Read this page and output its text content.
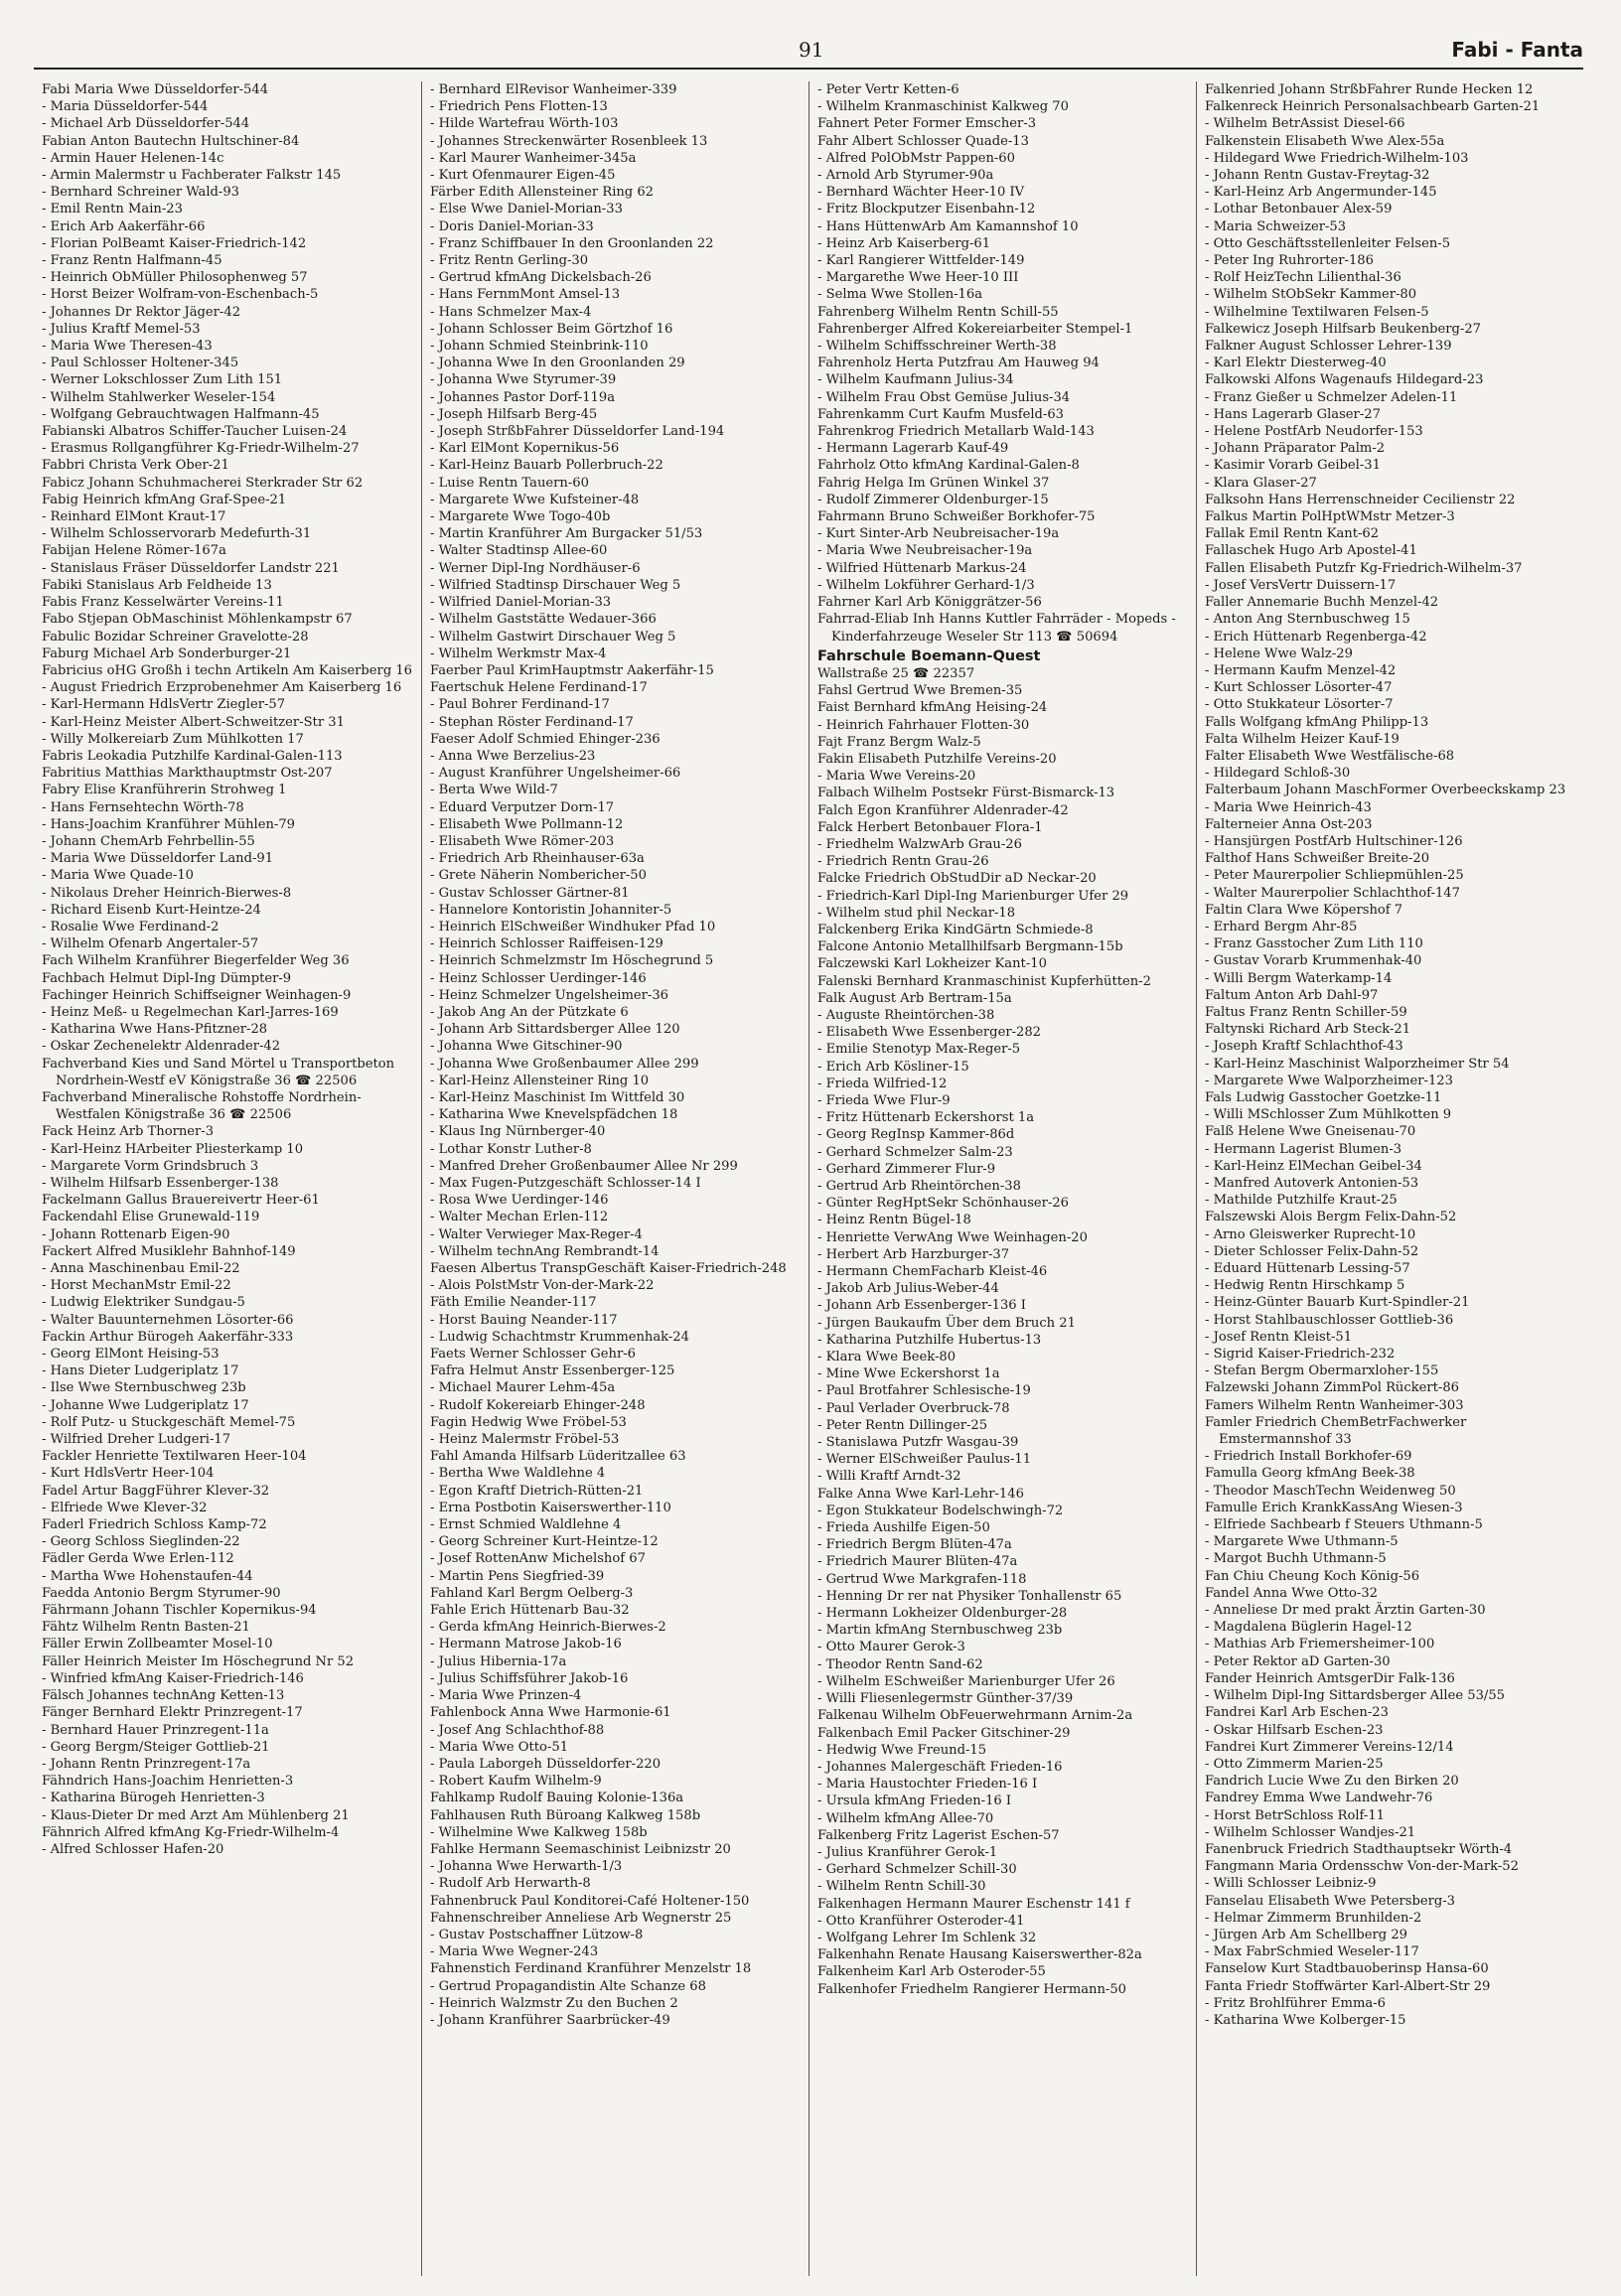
91	Fabi - Fanta
Fabi Maria Wwe Düsseldorfer-544
- Maria Düsseldorfer-544
- Michael Arb Düsseldorfer-544
Fabian Anton Bautechn Hultschiner-84
- Armin Hauer Helenen-14c
- Armin Malermstr u Fachberater Falkstr 145
- Bernhard Schreiner Wald-93
- Emil Rentn Main-23
- Erich Arb Aakerfähr-66
- Florian PolBeamt Kaiser-Friedrich-142
- Franz Rentn Halfmann-45
- Heinrich ObMüller Philosophenweg 57
- Horst Beizer Wolfram-von-Eschenbach-5
- Johannes Dr Rektor Jäger-42
- Julius Kraftf Memel-53
- Maria Wwe Theresen-43
- Paul Schlosser Holtener-345
- Werner Lokschlosser Zum Lith 151
- Wilhelm Stahlwerker Weseler-154
- Wolfgang Gebrauchtwagen Halfmann-45
Fabianski Albatros Schiffer-Taucher Luisen-24
- Erasmus Rollgangführer Kg-Friedr-Wilhelm-27
Fabbri Christa Verk Ober-21
Fabicz Johann Schuhmacherei Sterkrader Str 62
Fabig Heinrich kfmAng Graf-Spee-21
- Reinhard ElMont Kraut-17
- Wilhelm Schlosservorarb Medefurth-31
Fabijan Helene Römer-167a
- Stanislaus Fräser Düsseldorfer Landstr 221
Fabiki Stanislaus Arb Feldheide 13
Fabis Franz Kesselwärter Vereins-11
Fabo Stjepan ObMaschinist Möhlenkampstr 67
Fabulic Bozidar Schreiner Gravelotte-28
Faburg Michael Arb Sonderburger-21
Fabricius oHG Großh i techn Artikeln Am Kaiserberg 16
- August Friedrich Erzprobenehmer Am Kaiserberg 16
- Karl-Hermann HdlsVertr Ziegler-57
- Karl-Heinz Meister Albert-Schweitzer-Str 31
- Willy Molkereiarb Zum Mühlkotten 17
Fabris Leokadia Putzhilfe Kardinal-Galen-113
Fabritius Matthias Markthauptmstr Ost-207
Fabry Elise Kranführerin Strohweg 1
- Hans Fernsehtechn Wörth-78
- Hans-Joachim Kranführer Mühlen-79
- Johann ChemArb Fehrbellin-55
- Maria Wwe Düsseldorfer Land-91
- Maria Wwe Quade-10
- Nikolaus Dreher Heinrich-Bierwes-8
- Richard Eisenb Kurt-Heintze-24
- Rosalie Wwe Ferdinand-2
- Wilhelm Ofenarb Angertaler-57
Fach Wilhelm Kranführer Biegerfelder Weg 36
Fachbach Helmut Dipl-Ing Dümpter-9
Fachinger Heinrich Schiffseigner Weinhagen-9
- Heinz Meß- u Regelmechan Karl-Jarres-169
- Katharina Wwe Hans-Pfitzner-28
- Oskar Zechenelektr Aldenrader-42
Fachverband Kies und Sand Mörtel u Transportbeton Nordrhein-Westf eV Königstraße 36 ☎ 22506
Fachverband Mineralische Rohstoffe Nordrhein-Westfalen Königstraße 36 ☎ 22506
Fack Heinz Arb Thorner-3
- Karl-Heinz HArbeiter Pliesterkamp 10
- Margarete Vorm Grindsbruch 3
- Wilhelm Hilfsarb Essenberger-138
Fackelmann Gallus Brauereivertr Heer-61
Fackendahl Elise Grunewald-119
- Johann Rottenarb Eigen-90
Fackert Alfred Musiklehr Bahnhof-149
- Anna Maschinenbau Emil-22
- Horst MechanMstr Emil-22
- Ludwig Elektriker Sundgau-5
- Walter Bauunternehmen Lösorter-66
Fackin Arthur Bürogeh Aakerfähr-333
- Georg ElMont Heising-53
- Hans Dieter Ludgeriplatz 17
- Ilse Wwe Sternbuschweg 23b
- Johanne Wwe Ludgeriplatz 17
- Rolf Putz- u Stuckgeschäft Memel-75
- Wilfried Dreher Ludgeri-17
Fackler Henriette Textilwaren Heer-104
- Kurt HdlsVertr Heer-104
Fadel Artur BaggFührer Klever-32
- Elfriede Wwe Klever-32
Faderl Friedrich Schloss Kamp-72
- Georg Schloss Sieglinden-22
Fädler Gerda Wwe Erlen-112
- Martha Wwe Hohenstaufen-44
Faedda Antonio Bergm Styrumer-90
Fährmann Johann Tischler Kopernikus-94
Fähtz Wilhelm Rentn Basten-21
Fäller Erwin Zollbeamter Mosel-10
Fäller Heinrich Meister Im Höschegrund Nr 52
- Winfried kfmAng Kaiser-Friedrich-146
Fälsch Johannes technAng Ketten-13
Fänger Bernhard Elektr Prinzregent-17
- Bernhard Hauer Prinzregent-11a
- Georg Bergm/Steiger Gottlieb-21
- Johann Rentn Prinzregent-17a
Fähndrich Hans-Joachim Henrietten-3
- Katharina Bürogeh Henrietten-3
- Klaus-Dieter Dr med Arzt Am Mühlenberg 21
Fähnrich Alfred kfmAng Kg-Friedr-Wilhelm-4
- Alfred Schlosser Hafen-20
- Bernhard ElRevisor Wanheimer-339
- Friedrich Pens Flotten-13
- Hilde Wartefrau Wörth-103
- Johannes Streckenwärter Rosenbleek 13
- Karl Maurer Wanheimer-345a
- Kurt Ofenmaurer Eigen-45
Färber Edith Allensteiner Ring 62
- Else Wwe Daniel-Morian-33
- Doris Daniel-Morian-33
- Franz Schiffbauer In den Groonlanden 22
- Fritz Rentn Gerling-30
- Gertrud kfmAng Dickelsbach-26
- Hans FernmMont Amsel-13
- Hans Schmelzer Max-4
- Johann Schlosser Beim Görtzhof 16
- Johann Schmied Steinbrink-110
- Johanna Wwe In den Groonlanden 29
- Johanna Wwe Styrumer-39
- Johannes Pastor Dorf-119a
- Joseph Hilfsarb Berg-45
- Joseph StrßbFahrer Düsseldorfer Land-194
- Karl ElMont Kopernikus-56
- Karl-Heinz Bauarb Pollerbruch-22
- Luise Rentn Tauern-60
- Margarete Wwe Kufsteiner-48
- Margarete Wwe Togo-40b
- Martin Kranführer Am Burgacker 51/53
- Walter Stadtinsp Allee-60
- Werner Dipl-Ing Nordhäuser-6
- Wilfried Stadtinsp Dirschauer Weg 5
- Wilfried Daniel-Morian-33
- Wilhelm Gaststätte Wedauer-366
- Wilhelm Gastwirt Dirschauer Weg 5
- Wilhelm Werkmstr Max-4
Faerber Paul KrimHauptmstr Aakerfähr-15
Faertschuk Helene Ferdinand-17
- Paul Bohrer Ferdinand-17
- Stephan Röster Ferdinand-17
Faeser Adolf Schmied Ehinger-236
- Anna Wwe Berzelius-23
- August Kranführer Ungelsheimer-66
- Berta Wwe Wild-7
- Eduard Verputzer Dorn-17
- Elisabeth Wwe Pollmann-12
- Elisabeth Wwe Römer-203
- Friedrich Arb Rheinhauser-63a
- Grete Näherin Nombericher-50
- Gustav Schlosser Gärtner-81
- Hannelore Kontoristin Johanniter-5
- Heinrich ElSchweißer Windhuker Pfad 10
- Heinrich Schlosser Raiffeisen-129
- Heinrich Schmelzmstr Im Höschegrund 5
- Heinz Schlosser Uerdinger-146
- Heinz Schmelzer Ungelsheimer-36
- Jakob Ang An der Pützkate 6
- Johann Arb Sittardsberger Allee 120
- Johanna Wwe Gitschiner-90
- Johanna Wwe Großenbaumer Allee 299
- Karl-Heinz Allensteiner Ring 10
- Karl-Heinz Maschinist Im Wittfeld 30
- Katharina Wwe Knevelspfädchen 18
- Klaus Ing Nürnberger-40
- Lothar Konstr Luther-8
- Manfred Dreher Großenbaumer Allee Nr 299
- Max Fugen-Putzgeschäft Schlosser-14 I
- Rosa Wwe Uerdinger-146
- Walter Mechan Erlen-112
- Walter Verwieger Max-Reger-4
- Wilhelm technAng Rembrandt-14
Faesen Albertus TranspGeschäft Kaiser-Friedrich-248
- Alois PolstMstr Von-der-Mark-22
Fäth Emilie Neander-117
- Horst Bauing Neander-117
- Ludwig Schachtmstr Krummenhak-24
Faets Werner Schlosser Gehr-6
Fafra Helmut Anstr Essenberger-125
- Michael Maurer Lehm-45a
- Rudolf Kokereiarb Ehinger-248
Fagin Hedwig Wwe Fröbel-53
- Heinz Malermstr Fröbel-53
Fahl Amanda Hilfsarb Lüderitzallee 63
- Bertha Wwe Waldlehne 4
- Egon Kraftf Dietrich-Rütten-21
- Erna Postbotin Kaiserswerther-110
- Ernst Schmied Waldlehne 4
- Georg Schreiner Kurt-Heintze-12
- Josef RottenAnw Michelshof 67
- Martin Pens Siegfried-39
Fahland Karl Bergm Oelberg-3
Fahle Erich Hüttenarb Bau-32
- Gerda kfmAng Heinrich-Bierwes-2
- Hermann Matrose Jakob-16
- Julius Hibernia-17a
- Julius Schiffsführer Jakob-16
- Maria Wwe Prinzen-4
Fahlenbock Anna Wwe Harmonie-61
- Josef Ang Schlachthof-88
- Maria Wwe Otto-51
- Paula Laborgeh Düsseldorfer-220
- Robert Kaufm Wilhelm-9
Fahlkamp Rudolf Bauing Kolonie-136a
Fahlhausen Ruth Büroang Kalkweg 158b
- Wilhelmine Wwe Kalkweg 158b
Fahlke Hermann Seemaschinist Leibnizstr 20
- Johanna Wwe Herwarth-1/3
- Rudolf Arb Herwarth-8
Fahnenbruck Paul Konditorei-Café Holtener-150
Fahnenschreiber Anneliese Arb Wegnerstr 25
- Gustav Postschaffner Lützow-8
- Maria Wwe Wegner-243
Fahnenstich Ferdinand Kranführer Menzelstr 18
- Gertrud Propagandistin Alte Schanze 68
- Heinrich Walzmstr Zu den Buchen 2
- Johann Kranführer Saarbrücker-49
- Peter Vertr Ketten-6
- Wilhelm Kranmaschinist Kalkweg 70
Fahnert Peter Former Emscher-3
Fahr Albert Schlosser Quade-13
- Alfred PolObMstr Pappen-60
- Arnold Arb Styrumer-90a
- Bernhard Wächter Heer-10 IV
- Fritz Blockputzer Eisenbahn-12
- Hans HüttenwArb Am Kamannshof 10
- Heinz Arb Kaiserberg-61
- Karl Rangierer Wittfelder-149
- Margarethe Wwe Heer-10 III
- Selma Wwe Stollen-16a
Fahrenberg Wilhelm Rentn Schill-55
Fahrenberger Alfred Kokereiarbeiter Stempel-1
- Wilhelm Schiffsschreiner Werth-38
Fahrenholz Herta Putzfrau Am Hauweg 94
- Wilhelm Kaufmann Julius-34
- Wilhelm Frau Obst Gemüse Julius-34
Fahrenkamm Curt Kaufm Musfeld-63
Fahrenkrog Friedrich Metallarb Wald-143
- Hermann Lagerarb Kauf-49
Fahrholz Otto kfmAng Kardinal-Galen-8
Fahrig Helga Im Grünen Winkel 37
- Rudolf Zimmerer Oldenburger-15
Fahrmann Bruno Schweißer Borkhofer-75
- Kurt Sinter-Arb Neubreisacher-19a
- Maria Wwe Neubreisacher-19a
- Wilfried Hüttenarb Markus-24
- Wilhelm Lokführer Gerhard-1/3
Fahrner Karl Arb Königgrätzer-56
Fahrrad-Eliab Inh Hanns Kuttler Fahrräder - Mopeds - Kinderfahrzeuge Weseler Str 113 ☎ 50694
Fahrschule Boemann-Quest
Wallstraße 25 ☎ 22357
Fahsl Gertrud Wwe Bremen-35
Faist Bernhard kfmAng Heising-24
- Heinrich Fahrhauer Flotten-30
Fajt Franz Bergm Walz-5
Fakin Elisabeth Putzhilfe Vereins-20
- Maria Wwe Vereins-20
Falbach Wilhelm Postsekr Fürst-Bismarck-13
Falch Egon Kranführer Aldenrader-42
Falck Herbert Betonbauer Flora-1
- Friedhelm WalzwArb Grau-26
- Friedrich Rentn Grau-26
Falcke Friedrich ObStudDir aD Neckar-20
- Friedrich-Karl Dipl-Ing Marienburger Ufer 29
- Wilhelm stud phil Neckar-18
Falckenberg Erika KindGärtn Schmiede-8
Falcone Antonio Metallhilfsarb Bergmann-15b
Falczewski Karl Lokheizer Kant-10
Falenski Bernhard Kranmaschinist Kupferhütten-2
Falk August Arb Bertram-15a
- Auguste Rheintörchen-38
- Elisabeth Wwe Essenberger-282
- Emilie Stenotyp Max-Reger-5
- Erich Arb Kösliner-15
- Frieda Wilfried-12
- Frieda Wwe Flur-9
- Fritz Hüttenarb Eckershorst 1a
- Georg RegInsp Kammer-86d
- Gerhard Schmelzer Salm-23
- Gerhard Zimmerer Flur-9
- Gertrud Arb Rheintörchen-38
- Günter RegHptSekr Schönhauser-26
- Heinz Rentn Bügel-18
- Henriette VerwAng Wwe Weinhagen-20
- Herbert Arb Harzburger-37
- Hermann ChemFacharb Kleist-46
- Jakob Arb Julius-Weber-44
- Johann Arb Essenberger-136 I
- Jürgen Baukaufm Über dem Bruch 21
- Katharina Putzhilfe Hubertus-13
- Klara Wwe Beek-80
- Mine Wwe Eckershorst 1a
- Paul Brotfahrer Schlesische-19
- Paul Verlader Overbruck-78
- Peter Rentn Dillinger-25
- Stanislawa Putzfr Wasgau-39
- Werner ElSchweißer Paulus-11
- Willi Kraftf Arndt-32
Falke Anna Wwe Karl-Lehr-146
- Egon Stukkateur Bodelschwingh-72
- Frieda Aushilfe Eigen-50
- Friedrich Bergm Blüten-47a
- Friedrich Maurer Blüten-47a
- Gertrud Wwe Markgrafen-118
- Henning Dr rer nat Physiker Tonhallenstr 65
- Hermann Lokheizer Oldenburger-28
- Martin kfmAng Sternbuschweg 23b
- Otto Maurer Gerok-3
- Theodor Rentn Sand-62
- Wilhelm ESchweißer Marienburger Ufer 26
- Willi Fliesenlegermstr Günther-37/39
Falkenau Wilhelm ObFeuerwehrmann Arnim-2a
Falkenbach Emil Packer Gitschiner-29
- Hedwig Wwe Freund-15
- Johannes Malergeschäft Frieden-16
- Maria Haustochter Frieden-16 I
- Ursula kfmAng Frieden-16 I
- Wilhelm kfmAng Allee-70
Falkenberg Fritz Lagerist Eschen-57
- Julius Kranführer Gerok-1
- Gerhard Schmelzer Schill-30
- Wilhelm Rentn Schill-30
Falkenhagen Hermann Maurer Eschenstr 141 f
- Otto Kranführer Osteroder-41
- Wolfgang Lehrer Im Schlenk 32
Falkenhahn Renate Hausang Kaiserswerther-82a
Falkenheim Karl Arb Osteroder-55
Falkenhofer Friedhelm Rangierer Hermann-50
Falkenried Johann StrßbFahrer Runde Hecken 12
Falkenreck Heinrich Personalsachbearb Garten-21
- Wilhelm BetrAssist Diesel-66
Falkenstein Elisabeth Wwe Alex-55a
- Hildegard Wwe Friedrich-Wilhelm-103
- Johann Rentn Gustav-Freytag-32
- Karl-Heinz Arb Angermunder-145
- Lothar Betonbauer Alex-59
- Maria Schweizer-53
- Otto Geschäftsstellenleiter Felsen-5
- Peter Ing Ruhrorter-186
- Rolf HeizTechn Lilienthal-36
- Wilhelm StObSekr Kammer-80
- Wilhelmine Textilwaren Felsen-5
Falkewicz Joseph Hilfsarb Beukenberg-27
Falkner August Schlosser Lehrer-139
- Karl Elektr Diesterweg-40
Falkowski Alfons Wagenaufs Hildegard-23
- Franz Gießer u Schmelzer Adelen-11
- Hans Lagerarb Glaser-27
- Helene PostfArb Neudorfer-153
- Johann Präparator Palm-2
- Kasimir Vorarb Geibel-31
- Klara Glaser-27
Falksohn Hans Herrenschneider Cecilienstr 22
Falkus Martin PolHptWMstr Metzer-3
Fallak Emil Rentn Kant-62
Fallaschek Hugo Arb Apostel-41
Fallen Elisabeth Putzfr Kg-Friedrich-Wilhelm-37
- Josef VersVertr Duissern-17
Faller Annemarie Buchh Menzel-42
- Anton Ang Sternbuschweg 15
- Erich Hüttenarb Regenberga-42
- Helene Wwe Walz-29
- Hermann Kaufm Menzel-42
- Kurt Schlosser Lösorter-47
- Otto Stukkateur Lösorter-7
Falls Wolfgang kfmAng Philipp-13
Falta Wilhelm Heizer Kauf-19
Falter Elisabeth Wwe Westfälische-68
- Hildegard Schloß-30
Falterbaum Johann MaschFormer Overbeeckskamp 23
- Maria Wwe Heinrich-43
Falterneier Anna Ost-203
- Hansjürgen PostfArb Hultschiner-126
Falthof Hans Schweißer Breite-20
- Peter Maurerpolier Schliepmühlen-25
- Walter Maurerpolier Schlachthof-147
Faltin Clara Wwe Köpershof 7
- Erhard Bergm Ahr-85
- Franz Gasstocher Zum Lith 110
- Gustav Vorarb Krummenhak-40
- Willi Bergm Waterkamp-14
Faltum Anton Arb Dahl-97
Faltus Franz Rentn Schiller-59
Faltynski Richard Arb Steck-21
- Joseph Kraftf Schlachthof-43
- Karl-Heinz Maschinist Walporzheimer Str 54
- Margarete Wwe Walporzheimer-123
Fals Ludwig Gasstocher Goetzke-11
- Willi MSchlosser Zum Mühlkotten 9
Falß Helene Wwe Gneisenau-70
- Hermann Lagerist Blumen-3
- Karl-Heinz ElMechan Geibel-34
- Manfred Autoverk Antonien-53
- Mathilde Putzhilfe Kraut-25
Falszewski Alois Bergm Felix-Dahn-52
- Arno Gleiswerker Ruprecht-10
- Dieter Schlosser Felix-Dahn-52
- Eduard Hüttenarb Lessing-57
- Hedwig Rentn Hirschkamp 5
- Heinz-Günter Bauarb Kurt-Spindler-21
- Horst Stahlbauschlosser Gottlieb-36
- Josef Rentn Kleist-51
- Sigrid Kaiser-Friedrich-232
- Stefan Bergm Obermarxloher-155
Falzewski Johann ZimmPol Rückert-86
Famers Wilhelm Rentn Wanheimer-303
Famler Friedrich ChemBetrFachwerker Emstermannshof 33
- Friedrich Install Borkhofer-69
Famulla Georg kfmAng Beek-38
- Theodor MaschTechn Weidenweg 50
Famulle Erich KrankKassAng Wiesen-3
- Elfriede Sachbearb f Steuers Uthmann-5
- Margarete Wwe Uthmann-5
- Margot Buchh Uthmann-5
Fan Chiu Cheung Koch König-56
Fandel Anna Wwe Otto-32
- Anneliese Dr med prakt Ärztin Garten-30
- Magdalena Büglerin Hagel-12
- Mathias Arb Friemersheimer-100
- Peter Rektor aD Garten-30
Fander Heinrich AmtsgerDir Falk-136
- Wilhelm Dipl-Ing Sittardsberger Allee 53/55
Fandrei Karl Arb Eschen-23
- Oskar Hilfsarb Eschen-23
Fandrei Kurt Zimmerer Vereins-12/14
- Otto Zimmerm Marien-25
Fandrich Lucie Wwe Zu den Birken 20
Fandrey Emma Wwe Landwehr-76
- Horst BetrSchloss Rolf-11
- Wilhelm Schlosser Wandjes-21
Fanenbruck Friedrich Stadthauptsekr Wörth-4
Fangmann Maria Ordensschw Von-der-Mark-52
- Willi Schlosser Leibniz-9
Fanselau Elisabeth Wwe Petersberg-3
- Helmar Zimmerm Brunhilden-2
- Jürgen Arb Am Schellberg 29
- Max FabrSchmied Weseler-117
Fanselow Kurt Stadtbauoberinsp Hansa-60
Fanta Friedr Stoffwärter Karl-Albert-Str 29
- Fritz Brohlführer Emma-6
- Katharina Wwe Kolberger-15
